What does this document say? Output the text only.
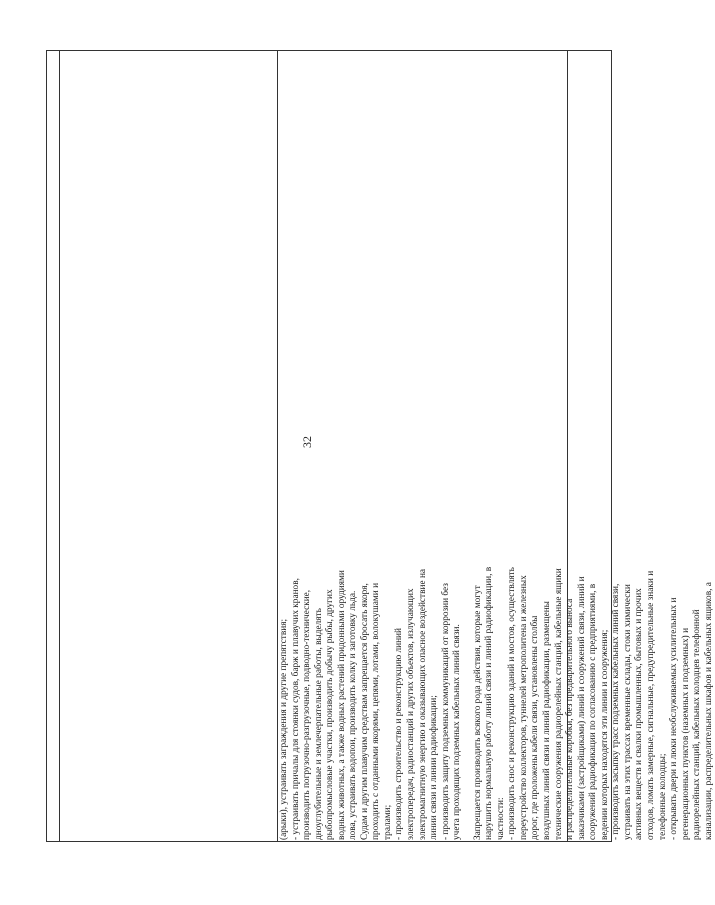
32

(арыки), устраивать заграждения и другие препятствия; - устраивать причалы для стоянки судов, барж и плавучих кранов, производить погрузочно-разгрузочные, подводно-технические, дноуглубительные и землечерпательные работы, выделять рыбопромысловые участки, производить добычу рыбы, других водных животных, а также водных растений придонными орудиями лова, устраивать водопои, производить колку и заготовку льда. Судам и другим плавучим средствам запрещается бросать якоря, проходить с отданными якорями, цепями, лотами, волокушами и тралами; - производить строительство и реконструкцию линий электропередач, радиостанций и других объектов, излучающих электромагнитную энергию и оказывающих опасное воздействие на линии связи и линии радиофикации; - производить защиту подземных коммуникаций от коррозии без учета проходящих подземных кабельных линий связи. Запрещается производить всякого рода действия, которые могут нарушить нормальную работу линий связи и линий радиофикации, в частности: - производить снос и реконструкцию зданий и мостов, осуществлять переустройство коллекторов, туннелей метрополитена и железных дорог, где проложены кабели связи, установлены столбы воздушных линий связи и линий радиофикации, размещены технические сооружения радиорелейных станций, кабельные ящики и распределительные коробки, без предварительного выноса заказчиками (застройщиками) линий и сооружений связи, линий и сооружений радиофикации по согласованию с предприятиями, в ведении которых находятся эти линии и сооружения; - производить засыпку трасс подземных кабельных линий связи, устраивать на этих трассах временные склады, стоки химически активных веществ и свалки промышленных, бытовых и прочих отходов, ломать замерные, сигнальные, предупредительные знаки и телефонные колодцы; - открывать двери и люки необслуживаемых усилительных и регенерационных пунктов (наземных и подземных) и радиорелейных станций, кабельных колодцев телефонной канализации, распределительных шкафов и кабельных ящиков, а
